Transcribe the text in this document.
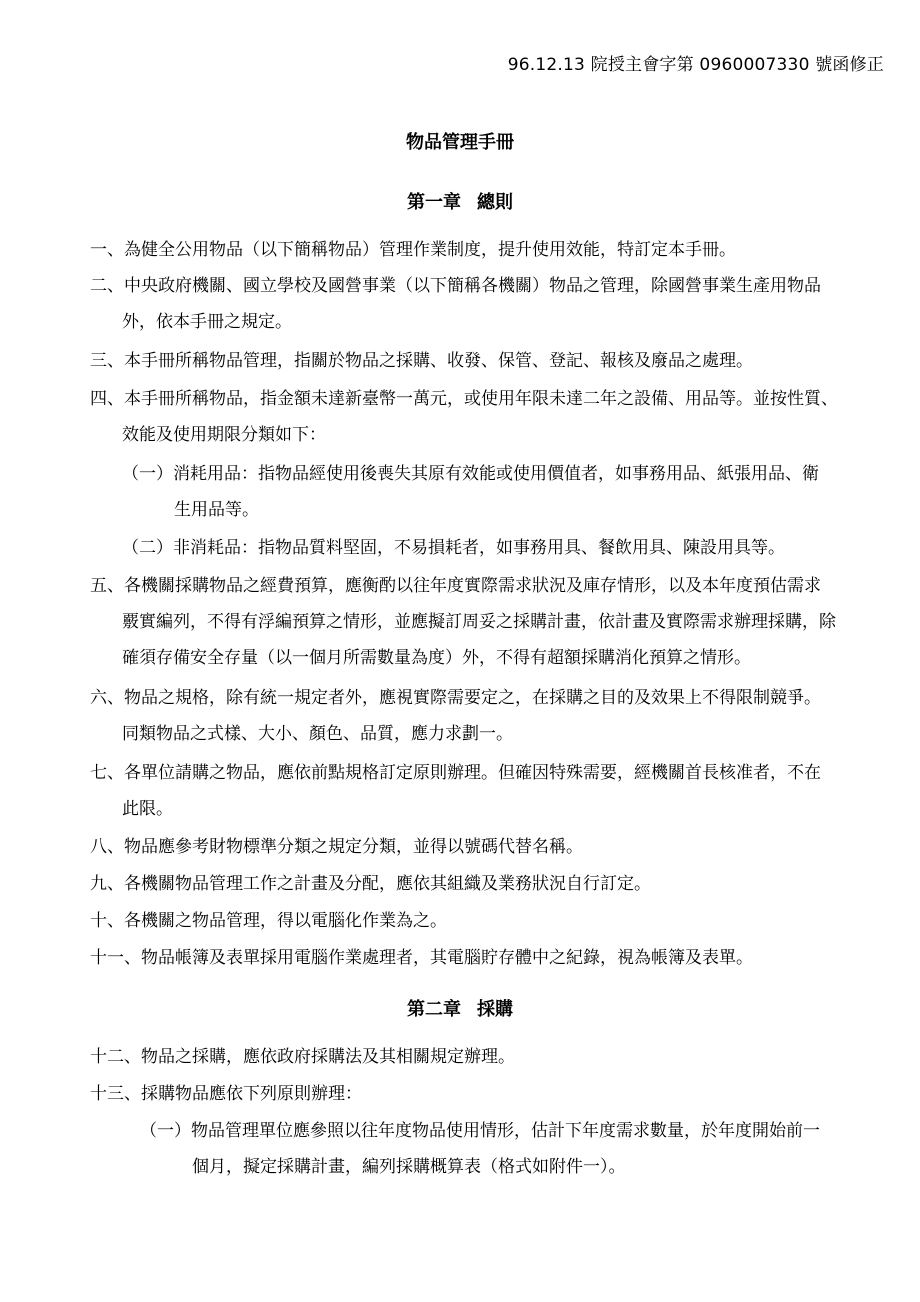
96.12.13 院授主會字第 0960007330 號函修正
物品管理手冊
第一章 總則

一、為健全公用物品（以下簡稱物品）管理作業制度，提升使用效能，特訂定本手冊。

二、中央政府機關、國立學校及國營事業（以下簡稱各機關）物品之管理，除國營事業生產用物品
外，依本手冊之規定。

三、本手冊所稱物品管理，指關於物品之採購、收發、保管、登記、報核及廢品之處理。

四、本手冊所稱物品，指金額未達新臺幣一萬元，或使用年限未達二年之設備、用品等。並按性質、
效能及使用期限分類如下：

（一）消耗用品：指物品經使用後喪失其原有效能或使用價值者，如事務用品、紙張用品、衛
生用品等。

（二）非消耗品：指物品質料堅固，不易損耗者，如事務用具、餐飲用具、陳設用具等。

五、各機關採購物品之經費預算，應衡酌以往年度實際需求狀況及庫存情形，以及本年度預估需求
覈實編列，不得有浮編預算之情形，並應擬訂周妥之採購計畫，依計畫及實際需求辦理採購，除確須存備安全存量（以一個月所需數量為度）外，不得有超額採購消化預算之情形。

六、物品之規格，除有統一規定者外，應視實際需要定之，在採購之目的及效果上不得限制競爭。
同類物品之式樣、大小、顏色、品質，應力求劃一。

七、各單位請購之物品，應依前點規格訂定原則辦理。但確因特殊需要，經機關首長核准者，不在
此限。

八、物品應參考財物標準分類之規定分類，並得以號碼代替名稱。

九、各機關物品管理工作之計畫及分配，應依其組織及業務狀況自行訂定。

十、各機關之物品管理，得以電腦化作業為之。

十一、物品帳簿及表單採用電腦作業處理者，其電腦貯存體中之紀錄，視為帳簿及表單。

第二章 採購

十二、物品之採購，應依政府採購法及其相關規定辦理。

十三、採購物品應依下列原則辦理：

（一）物品管理單位應參照以往年度物品使用情形，估計下年度需求數量，於年度開始前一
個月，擬定採購計畫，編列採購概算表（格式如附件一）。
